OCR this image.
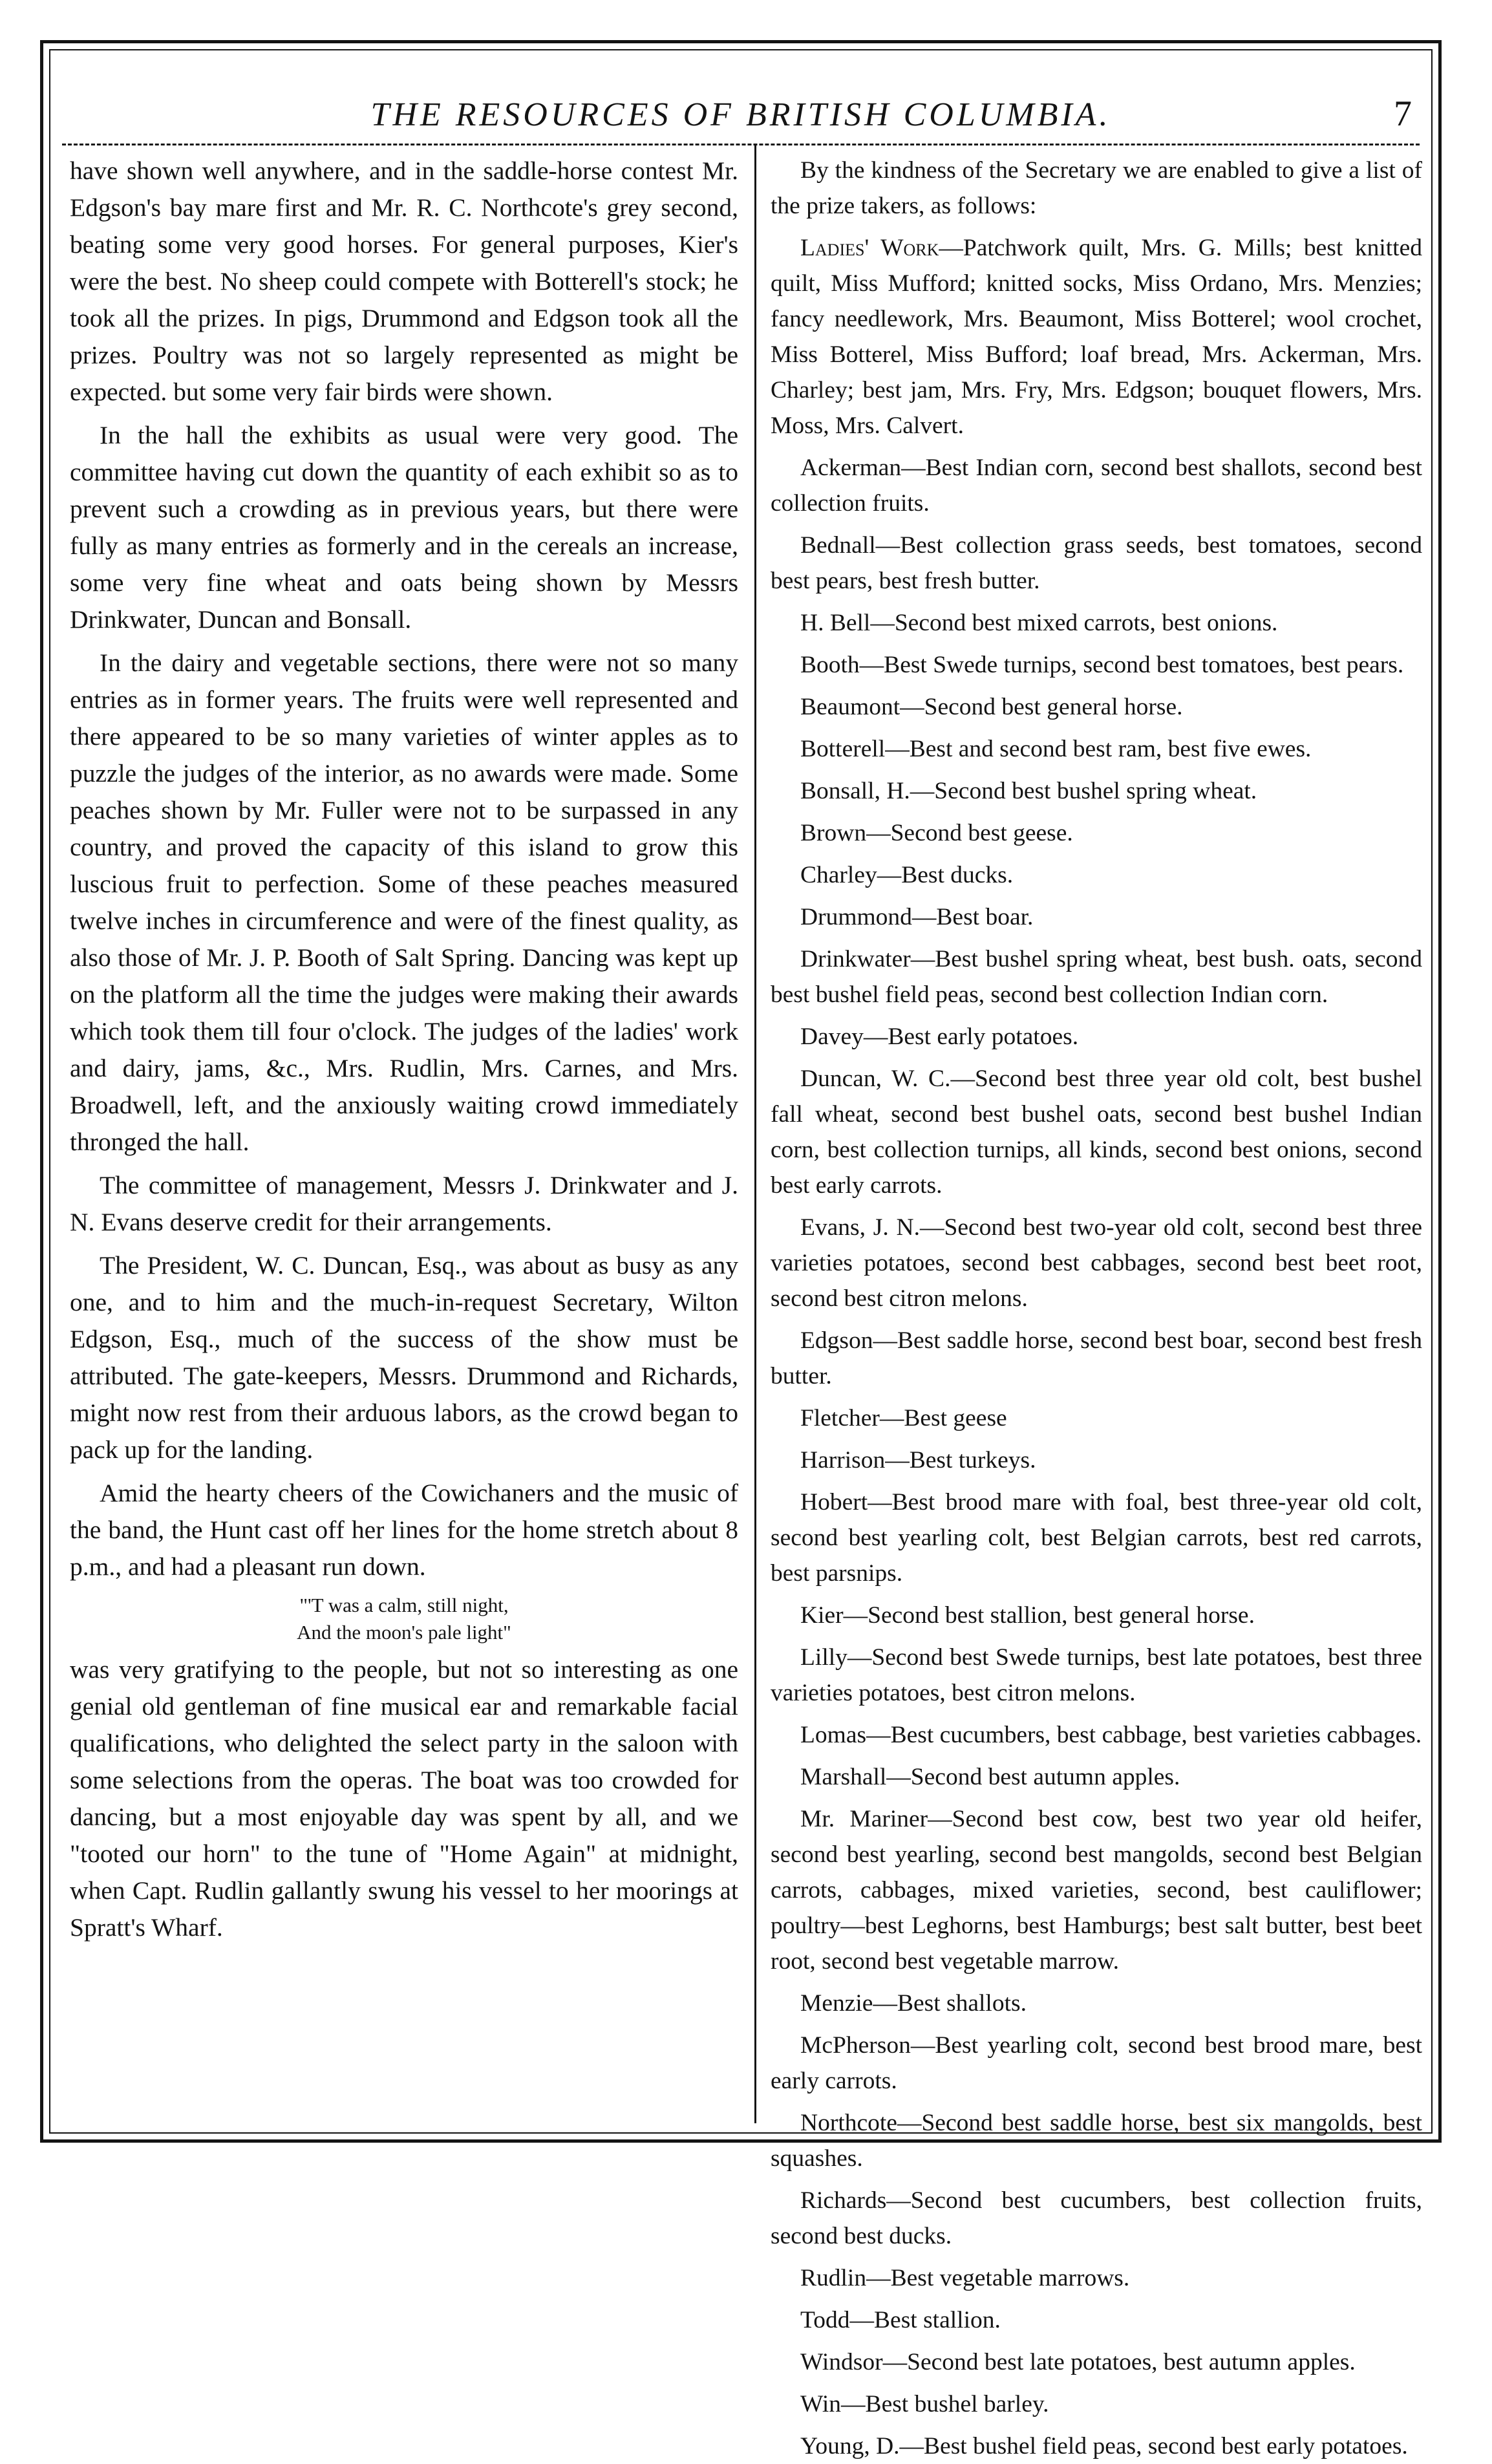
THE RESOURCES OF BRITISH COLUMBIA.	7

have shown well anywhere, and in the saddle-horse contest Mr. Edgson's bay mare first and Mr. R. C. Northcote's grey second, beating some very good horses. For general purposes, Kier's were the best. No sheep could compete with Botterell's stock; he took all the prizes. In pigs, Drummond and Edgson took all the prizes. Poultry was not so largely represented as might be expected. but some very fair birds were shown.

In the hall the exhibits as usual were very good. The committee having cut down the quantity of each exhibit so as to prevent such a crowding as in previous years, but there were fully as many entries as formerly and in the cereals an increase, some very fine wheat and oats being shown by Messrs Drinkwater, Duncan and Bonsall.

In the dairy and vegetable sections, there were not so many entries as in former years. The fruits were well represented and there appeared to be so many varieties of winter apples as to puzzle the judges of the interior, as no awards were made. Some peaches shown by Mr. Fuller were not to be surpassed in any country, and proved the capacity of this island to grow this luscious fruit to perfection. Some of these peaches measured twelve inches in circumference and were of the finest quality, as also those of Mr. J. P. Booth of Salt Spring. Dancing was kept up on the platform all the time the judges were making their awards which took them till four o'clock. The judges of the ladies' work and dairy, jams, &c., Mrs. Rudlin, Mrs. Carnes, and Mrs. Broadwell, left, and the anxiously waiting crowd immediately thronged the hall.

The committee of management, Messrs J. Drinkwater and J. N. Evans deserve credit for their arrangements.

The President, W. C. Duncan, Esq., was about as busy as any one, and to him and the much-in-request Secretary, Wilton Edgson, Esq., much of the success of the show must be attributed. The gate-keepers, Messrs. Drummond and Richards, might now rest from their arduous labors, as the crowd began to pack up for the landing.

Amid the hearty cheers of the Cowichaners and the music of the band, the Hunt cast off her lines for the home stretch about 8 p.m., and had a pleasant run down.

"'T was a calm, still night,
And the moon's pale light"

was very gratifying to the people, but not so interesting as one genial old gentleman of fine musical ear and remarkable facial qualifications, who delighted the select party in the saloon with some selections from the operas. The boat was too crowded for dancing, but a most enjoyable day was spent by all, and we "tooted our horn" to the tune of "Home Again" at midnight, when Capt. Rudlin gallantly swung his vessel to her moorings at Spratt's Wharf.

By the kindness of the Secretary we are enabled to give a list of the prize takers, as follows:

Ladies' Work—Patchwork quilt, Mrs. G. Mills; best knitted quilt, Miss Mufford; knitted socks, Miss Ordano, Mrs. Menzies; fancy needlework, Mrs. Beaumont, Miss Botterel; wool crochet, Miss Botterel, Miss Bufford; loaf bread, Mrs. Ackerman, Mrs. Charley; best jam, Mrs. Fry, Mrs. Edgson; bouquet flowers, Mrs. Moss, Mrs. Calvert.

Ackerman—Best Indian corn, second best shallots, second best collection fruits.

Bednall—Best collection grass seeds, best tomatoes, second best pears, best fresh butter.

H. Bell—Second best mixed carrots, best onions.

Booth—Best Swede turnips, second best tomatoes, best pears.

Beaumont—Second best general horse.

Botterell—Best and second best ram, best five ewes.

Bonsall, H.—Second best bushel spring wheat.

Brown—Second best geese.

Charley—Best ducks.

Drummond—Best boar.

Drinkwater—Best bushel spring wheat, best bush. oats, second best bushel field peas, second best collection Indian corn.

Davey—Best early potatoes.

Duncan, W. C.—Second best three year old colt, best bushel fall wheat, second best bushel oats, second best bushel Indian corn, best collection turnips, all kinds, second best onions, second best early carrots.

Evans, J. N.—Second best two-year old colt, second best three varieties potatoes, second best cabbages, second best beet root, second best citron melons.

Edgson—Best saddle horse, second best boar, second best fresh butter.

Fletcher—Best geese

Harrison—Best turkeys.

Hobert—Best brood mare with foal, best three-year old colt, second best yearling colt, best Belgian carrots, best red carrots, best parsnips.

Kier—Second best stallion, best general horse.

Lilly—Second best Swede turnips, best late potatoes, best three varieties potatoes, best citron melons.

Lomas—Best cucumbers, best cabbage, best varieties cabbages.

Marshall—Second best autumn apples.

Mr. Mariner—Second best cow, best two year old heifer, second best yearling, second best mangolds, second best Belgian carrots, cabbages, mixed varieties, second, best cauliflower; poultry—best Leghorns, best Hamburgs; best salt butter, best beet root, second best vegetable marrow.

Menzie—Best shallots.

McPherson—Best yearling colt, second best brood mare, best early carrots.

Northcote—Second best saddle horse, best six mangolds, best squashes.

Richards—Second best cucumbers, best collection fruits, second best ducks.

Rudlin—Best vegetable marrows.

Todd—Best stallion.

Windsor—Second best late potatoes, best autumn apples.

Win—Best bushel barley.

Young, D.—Best bushel field peas, second best early potatoes.
